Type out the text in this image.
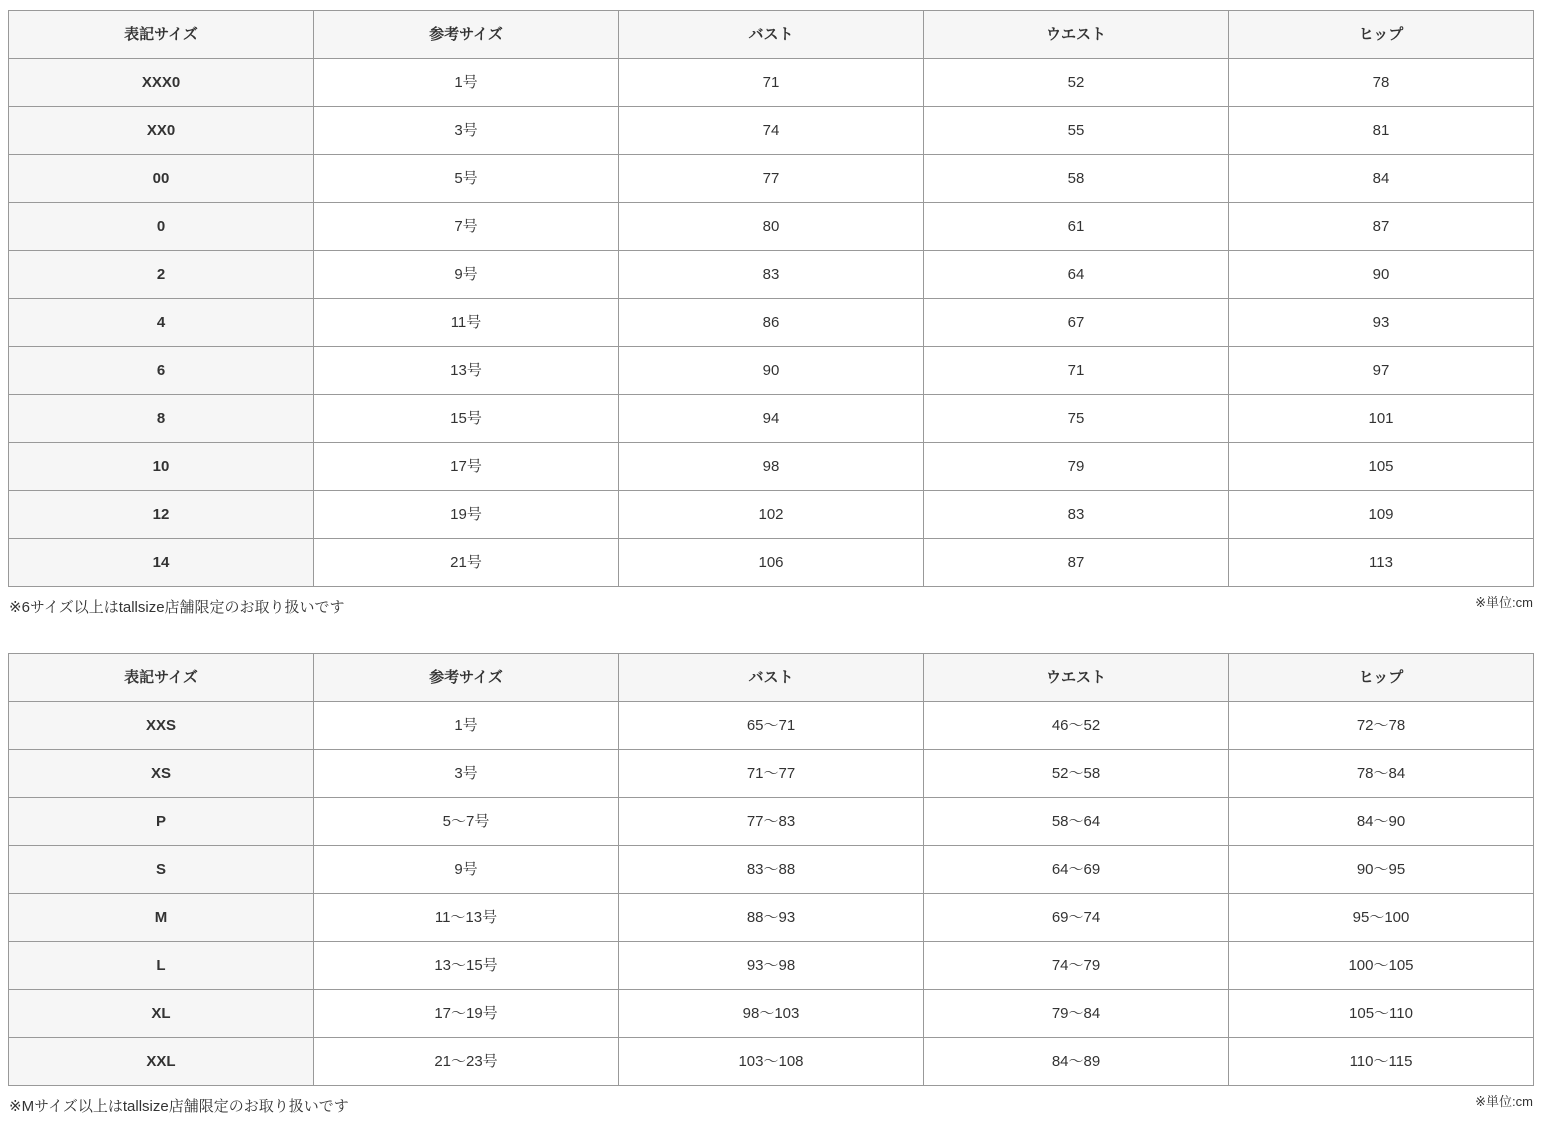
表記サイズ	参考サイズ	バスト	ウエスト	ヒップ
XXX0	1号	71	52	78
XX0	3号	74	55	81
00	5号	77	58	84
0	7号	80	61	87
2	9号	83	64	90
4	11号	86	67	93
6	13号	90	71	97
8	15号	94	75	101
10	17号	98	79	105
12	19号	102	83	109
14	21号	106	87	113
※6サイズ以上はtallsize店舗限定のお取り扱いです	※単位:cm
表記サイズ	参考サイズ	バスト	ウエスト	ヒップ
XXS	1号	65〜71	46〜52	72〜78
XS	3号	71〜77	52〜58	78〜84
P	5〜7号	77〜83	58〜64	84〜90
S	9号	83〜88	64〜69	90〜95
M	11〜13号	88〜93	69〜74	95〜100
L	13〜15号	93〜98	74〜79	100〜105
XL	17〜19号	98〜103	79〜84	105〜110
XXL	21〜23号	103〜108	84〜89	110〜115
※Mサイズ以上はtallsize店舗限定のお取り扱いです	※単位:cm
